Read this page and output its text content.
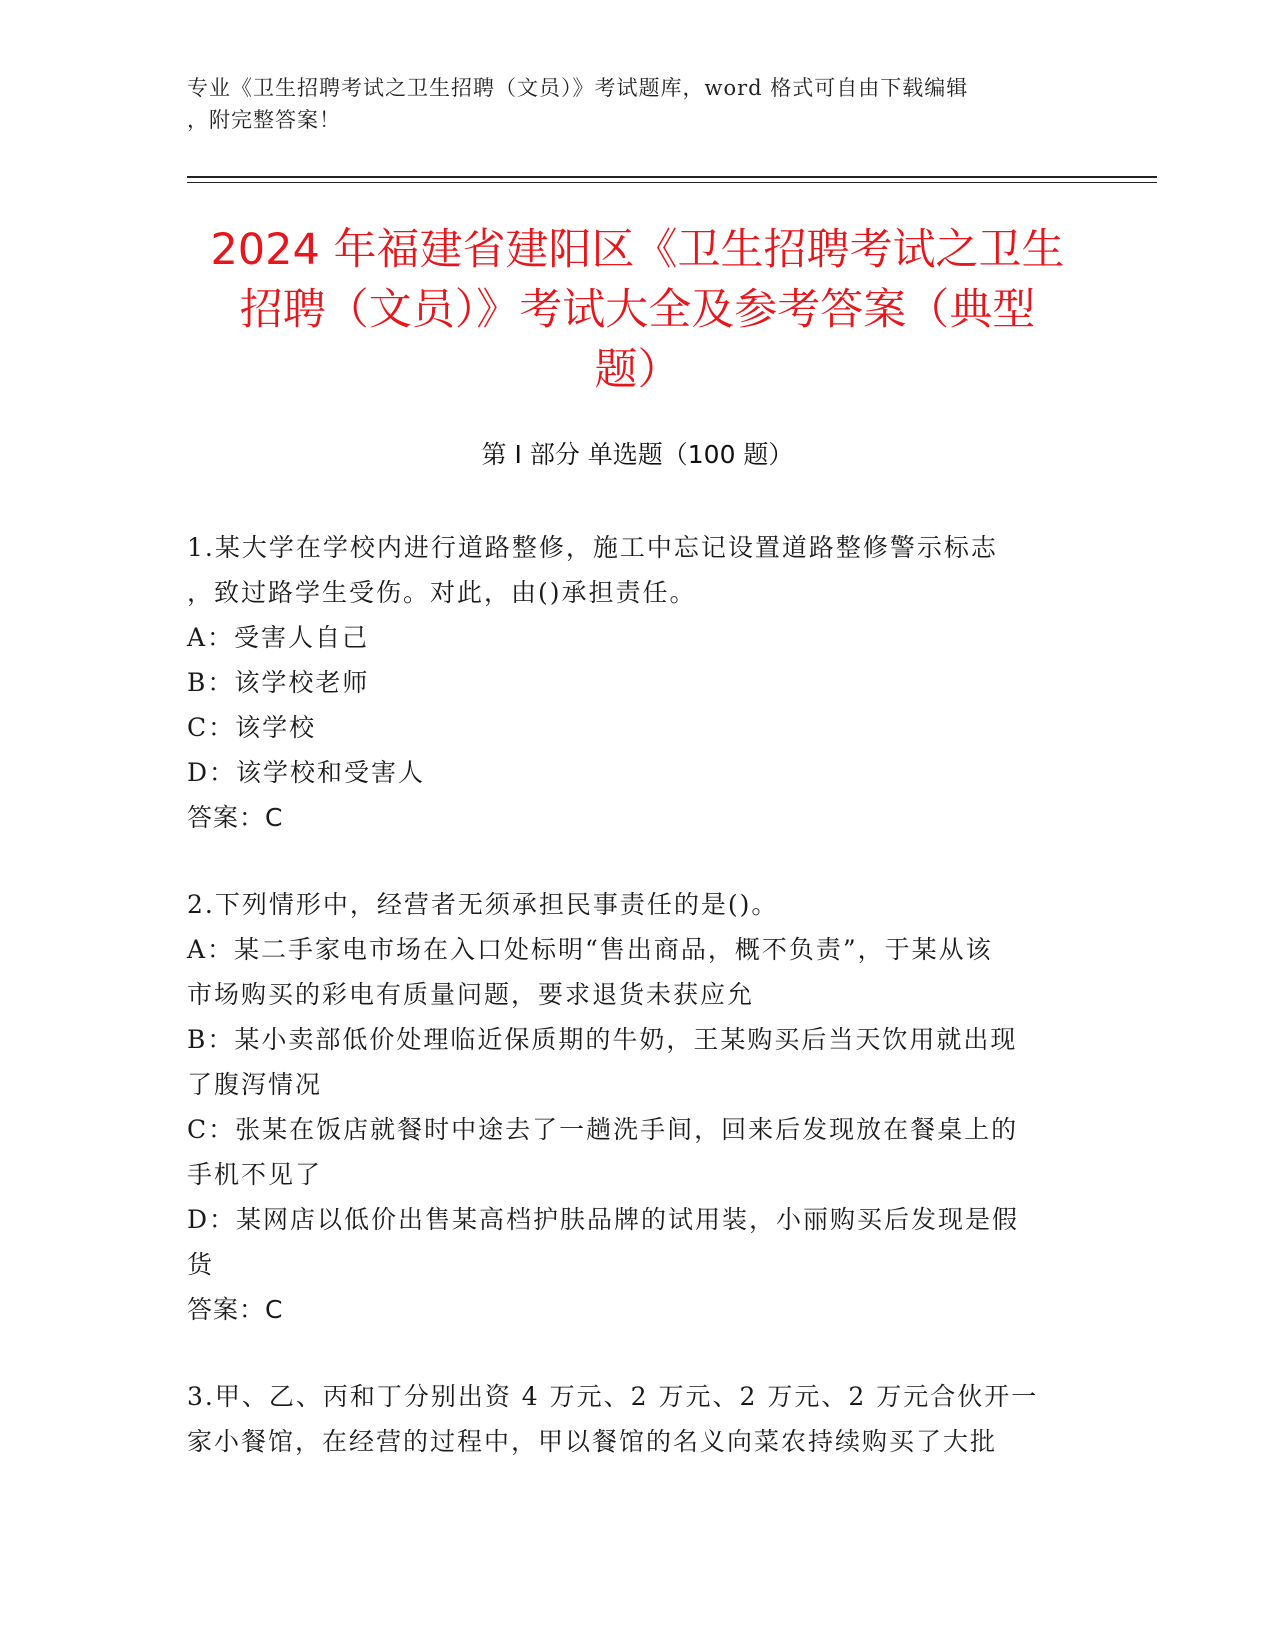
专业《卫生招聘考试之卫生招聘（文员）》考试题库，word 格式可自由下载编辑
，附完整答案！
2024 年福建省建阳区《卫生招聘考试之卫生
招聘（文员）》考试大全及参考答案（典型
题）
第 I 部分 单选题（100 题）
1.某大学在学校内进行道路整修，施工中忘记设置道路整修警示标志
，致过路学生受伤。对此，由()承担责任。
A：受害人自己
B：该学校老师
C：该学校
D：该学校和受害人
答案：C
2.下列情形中，经营者无须承担民事责任的是()。
A：某二手家电市场在入口处标明“售出商品，概不负责”，于某从该
市场购买的彩电有质量问题，要求退货未获应允
B：某小卖部低价处理临近保质期的牛奶，王某购买后当天饮用就出现
了腹泻情况
C：张某在饭店就餐时中途去了一趟洗手间，回来后发现放在餐桌上的
手机不见了
D：某网店以低价出售某高档护肤品牌的试用装，小丽购买后发现是假
货
答案：C
3.甲、乙、丙和丁分别出资 4 万元、2 万元、2 万元、2 万元合伙开一
家小餐馆，在经营的过程中，甲以餐馆的名义向菜农持续购买了大批
